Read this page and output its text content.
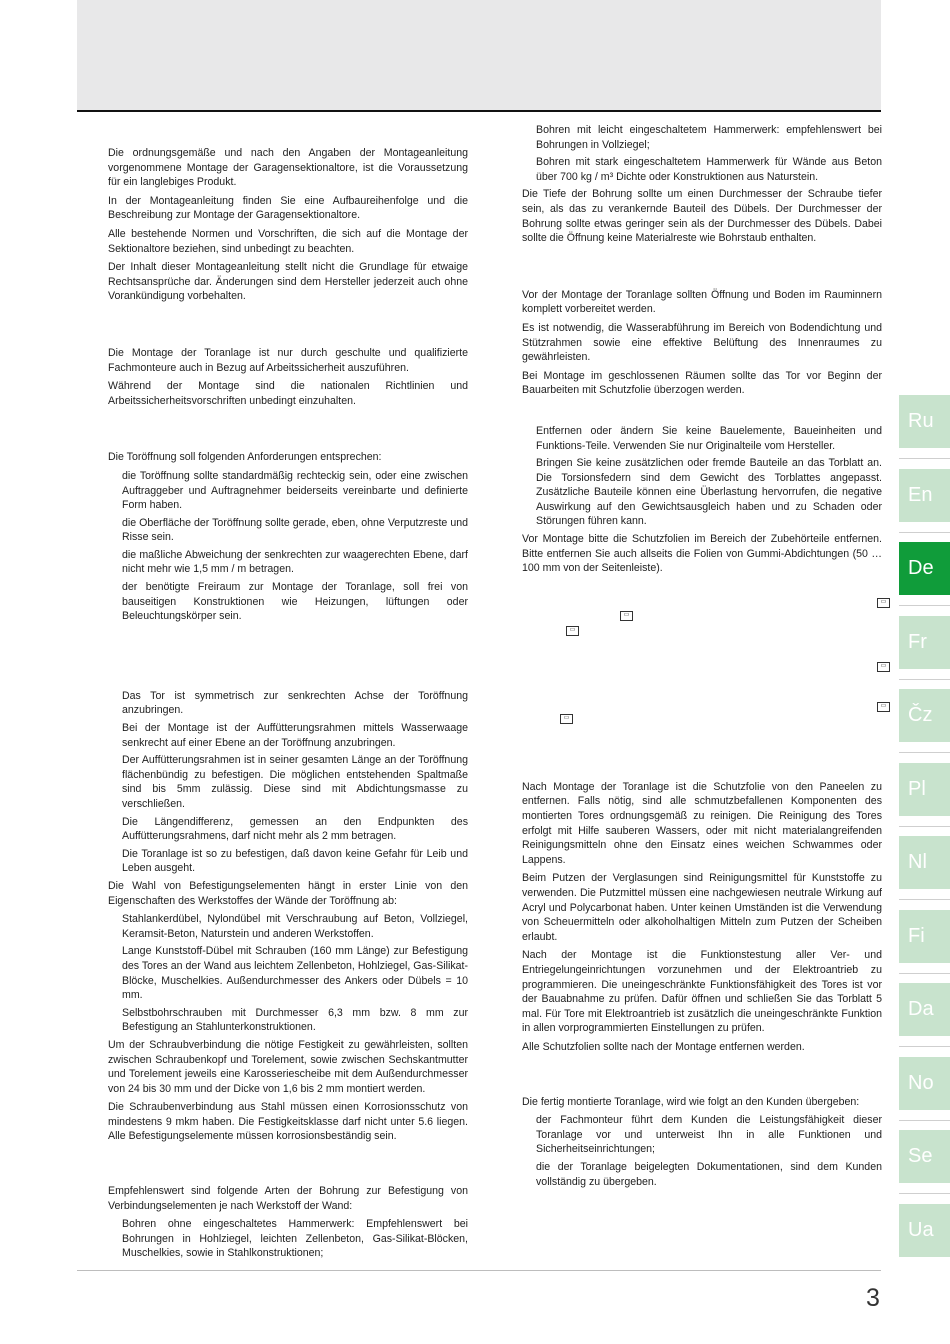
Die ordnungsgemäße und nach den Angaben der Montageanleitung vorgenommene Montage der Garagensektionaltore, ist die Voraussetzung für ein langlebiges Produkt.

In der Montageanleitung finden Sie eine Aufbaureihenfolge und die Beschreibung zur Montage der Garagensektionaltore.

Alle bestehende Normen und Vorschriften, die sich auf die Montage der Sektionaltore beziehen, sind unbedingt zu beachten.

Der Inhalt dieser Montageanleitung stellt nicht die Grundlage für etwaige Rechtsansprüche dar. Änderungen sind dem Hersteller jederzeit auch ohne Vorankündigung vorbehalten.

Die Montage der Toranlage ist nur durch geschulte und qualifizierte Fachmonteure auch in Bezug auf Arbeitssicherheit auszuführen.

Während der Montage sind die nationalen Richtlinien und Arbeitssicherheitsvorschriften unbedingt einzuhalten.

Die Toröffnung soll folgenden Anforderungen entsprechen:

die Toröffnung sollte standardmäßig rechteckig sein, oder eine zwischen Auftraggeber und Auftragnehmer beiderseits vereinbarte und definierte Form haben.

die Oberfläche der Toröffnung sollte gerade, eben, ohne Verputzreste und Risse sein.

die maßliche Abweichung der senkrechten zur waagerechten Ebene, darf nicht mehr wie 1,5 mm / m betragen.

der benötigte Freiraum zur Montage der Toranlage, soll frei von bauseitigen Konstruktionen wie Heizungen, lüftungen oder Beleuchtungskörper sein.

Das Tor ist symmetrisch zur senkrechten Achse der Toröffnung anzubringen.

Bei der Montage ist der Auffütterungsrahmen mittels Wasserwaage senkrecht auf einer Ebene an der Toröffnung anzubringen.

Der Auffütterungsrahmen ist in seiner gesamten Länge an der Toröffnung flächenbündig zu befestigen. Die möglichen entstehenden Spaltmaße sind bis 5mm zulässig. Diese sind mit Abdichtungsmasse zu verschließen.

Die Längendifferenz, gemessen an den Endpunkten des Auffütterungsrahmens, darf nicht mehr als 2 mm betragen.

Die Toranlage ist so zu befestigen, daß davon keine Gefahr für Leib und Leben ausgeht.

Die Wahl von Befestigungselementen hängt in erster Linie von den Eigenschaften des Werkstoffes der Wände der Toröffnung ab:

Stahlankerdübel, Nylondübel mit Verschraubung auf Beton, Vollziegel, Keramsit-Beton, Naturstein und anderen Werkstoffen.

Lange Kunststoff-Dübel mit Schrauben (160 mm Länge) zur Befestigung des Tores an der Wand aus leichtem Zellenbeton, Hohlziegel, Gas-Silikat-Blöcke, Muschelkies. Außendurchmesser des Ankers oder Dübels = 10 mm.

Selbstbohrschrauben mit Durchmesser 6,3 mm bzw. 8 mm zur Befestigung an Stahlunterkonstruktionen.

Um der Schraubverbindung die nötige Festigkeit zu gewährleisten, sollten zwischen Schraubenkopf und Torelement, sowie zwischen Sechskantmutter und Torelement jeweils eine Karosseriescheibe mit dem Außendurchmesser von 24 bis 30 mm und der Dicke von 1,6 bis 2 mm montiert werden.

Die Schraubenverbindung aus Stahl müssen einen Korrosionsschutz von mindestens 9 mkm haben. Die Festigkeitsklasse darf nicht unter 5.6 liegen. Alle Befestigungselemente müssen korrosionsbeständig sein.

Empfehlenswert sind folgende Arten der Bohrung zur Befestigung von Verbindungselementen je nach Werkstoff der Wand:

Bohren ohne eingeschaltetes Hammerwerk: Empfehlenswert bei Bohrungen in Hohlziegel, leichten Zellenbeton, Gas-Silikat-Blöcken, Muschelkies, sowie in Stahlkonstruktionen;

Bohren mit leicht eingeschaltetem Hammerwerk: empfehlenswert bei Bohrungen in Vollziegel;

Bohren mit stark eingeschaltetem Hammerwerk für Wände aus Beton über 700 kg / m³ Dichte oder Konstruktionen aus Naturstein.

Die Tiefe der Bohrung sollte um einen Durchmesser der Schraube tiefer sein, als das zu verankernde Bauteil des Dübels. Der Durchmesser der Bohrung sollte etwas geringer sein als der Durchmesser des Dübels. Dabei sollte die Öffnung keine Materialreste wie Bohrstaub enthalten.

Vor der Montage der Toranlage sollten Öffnung und Boden im Rauminnern komplett vorbereitet werden.

Es ist notwendig, die Wasserabführung im Bereich von Bodendichtung und Stützrahmen sowie eine effektive Belüftung des Innenraumes zu gewährleisten.

Bei Montage im geschlossenen Räumen sollte das Tor vor Beginn der Bauarbeiten mit Schutzfolie überzogen werden.

Entfernen oder ändern Sie keine Bauelemente, Baueinheiten und Funktions-Teile. Verwenden Sie nur Originalteile vom Hersteller.

Bringen Sie keine zusätzlichen oder fremde Bauteile an das Torblatt an. Die Torsionsfedern sind dem Gewicht des Torblattes angepasst. Zusätzliche Bauteile können eine Überlastung hervorrufen, die negative Auswirkung auf den Gewichtsausgleich haben und zu Schaden oder Störungen führen kann.

Vor Montage bitte die Schutzfolien im Bereich der Zubehörteile entfernen. Bitte entfernen Sie auch allseits die Folien von Gummi-Abdichtungen (50 … 100 mm von der Seitenleiste).

▭
▭
▭
▭
▭
▭

Nach Montage der Toranlage ist die Schutzfolie von den Paneelen zu entfernen. Falls nötig, sind alle schmutzbefallenen Komponenten des montierten Tores ordnungsgemäß zu reinigen. Die Reinigung des Tores erfolgt mit Hilfe sauberen Wassers, oder mit nicht materialangreifenden Reinigungsmitteln ohne den Einsatz eines weichen Schwammes oder Lappens.

Beim Putzen der Verglasungen sind Reinigungsmittel für Kunststoffe zu verwenden. Die Putzmittel müssen eine nachgewiesen neutrale Wirkung auf Acryl und Polycarbonat haben. Unter keinen Umständen ist die Verwendung von Scheuermitteln oder alkoholhaltigen Mitteln zum Putzen der Scheiben erlaubt.

Nach der Montage ist die Funktionstestung aller Ver- und Entriegelungeinrichtungen vorzunehmen und der Elektroantrieb zu programmieren. Die uneingeschränkte Funktionsfähigkeit des Tores ist vor der Bauabnahme zu prüfen. Dafür öffnen und schließen Sie das Torblatt 5 mal. Für Tore mit Elektroantrieb ist zusätzlich die uneingeschränkte Funktion in allen vorprogrammierten Einstellungen zu prüfen.

Alle Schutzfolien sollte nach der Montage entfernen werden.

Die fertig montierte Toranlage, wird wie folgt an den Kunden übergeben:

der Fachmonteur führt dem Kunden die Leistungsfähigkeit dieser Toranlage vor und unterweist Ihn in alle Funktionen und Sicherheitseinrichtungen;

die der Toranlage beigelegten Dokumentationen, sind dem Kunden vollständig zu übergeben.

Ru
En
De
Fr
Čz
Pl
Nl
Fi
Da
No
Se
Ua
3
